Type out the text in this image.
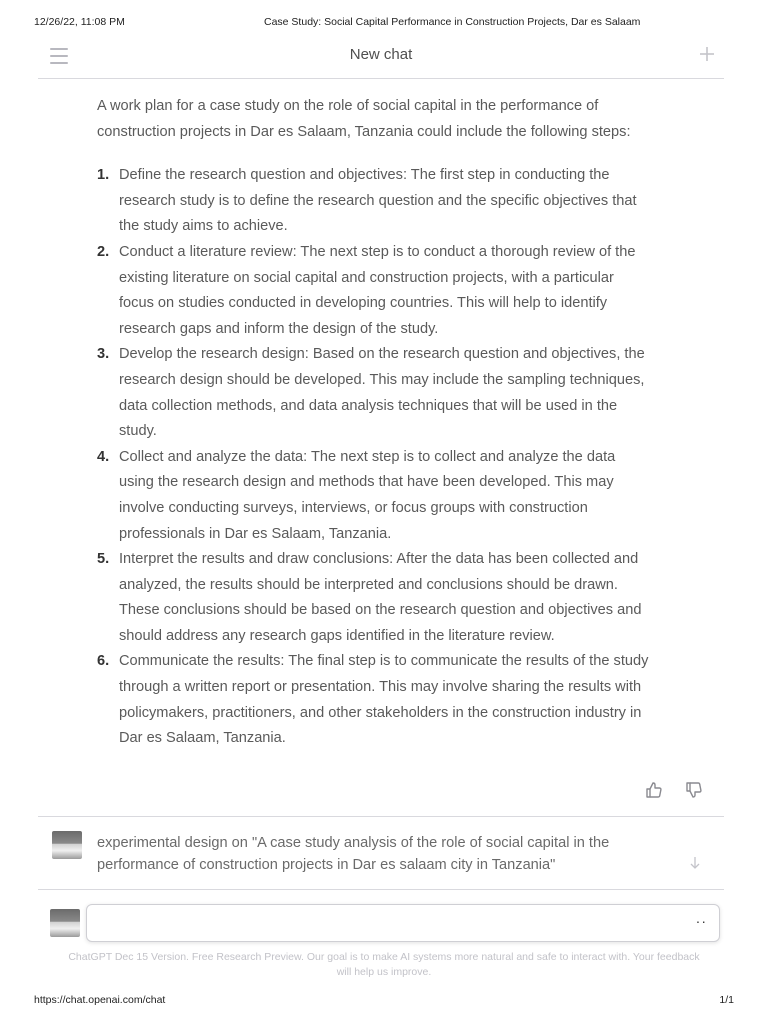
12/26/22, 11:08 PM	Case Study: Social Capital Performance in Construction Projects, Dar es Salaam
New chat

A work plan for a case study on the role of social capital in the performance of construction projects in Dar es Salaam, Tanzania could include the following steps:

1. Define the research question and objectives: The first step in conducting the research study is to define the research question and the specific objectives that the study aims to achieve.
2. Conduct a literature review: The next step is to conduct a thorough review of the existing literature on social capital and construction projects, with a particular focus on studies conducted in developing countries. This will help to identify research gaps and inform the design of the study.
3. Develop the research design: Based on the research question and objectives, the research design should be developed. This may include the sampling techniques, data collection methods, and data analysis techniques that will be used in the study.
4. Collect and analyze the data: The next step is to collect and analyze the data using the research design and methods that have been developed. This may involve conducting surveys, interviews, or focus groups with construction professionals in Dar es Salaam, Tanzania.
5. Interpret the results and draw conclusions: After the data has been collected and analyzed, the results should be interpreted and conclusions should be drawn. These conclusions should be based on the research question and objectives and should address any research gaps identified in the literature review.
6. Communicate the results: The final step is to communicate the results of the study through a written report or presentation. This may involve sharing the results with policymakers, practitioners, and other stakeholders in the construction industry in Dar es Salaam, Tanzania.
experimental design on "A case study analysis of the role of social capital in the performance of construction projects in Dar es salaam city in Tanzania"
··
ChatGPT Dec 15 Version. Free Research Preview. Our goal is to make AI systems more natural and safe to interact with. Your feedback will help us improve.
https://chat.openai.com/chat	1/1
